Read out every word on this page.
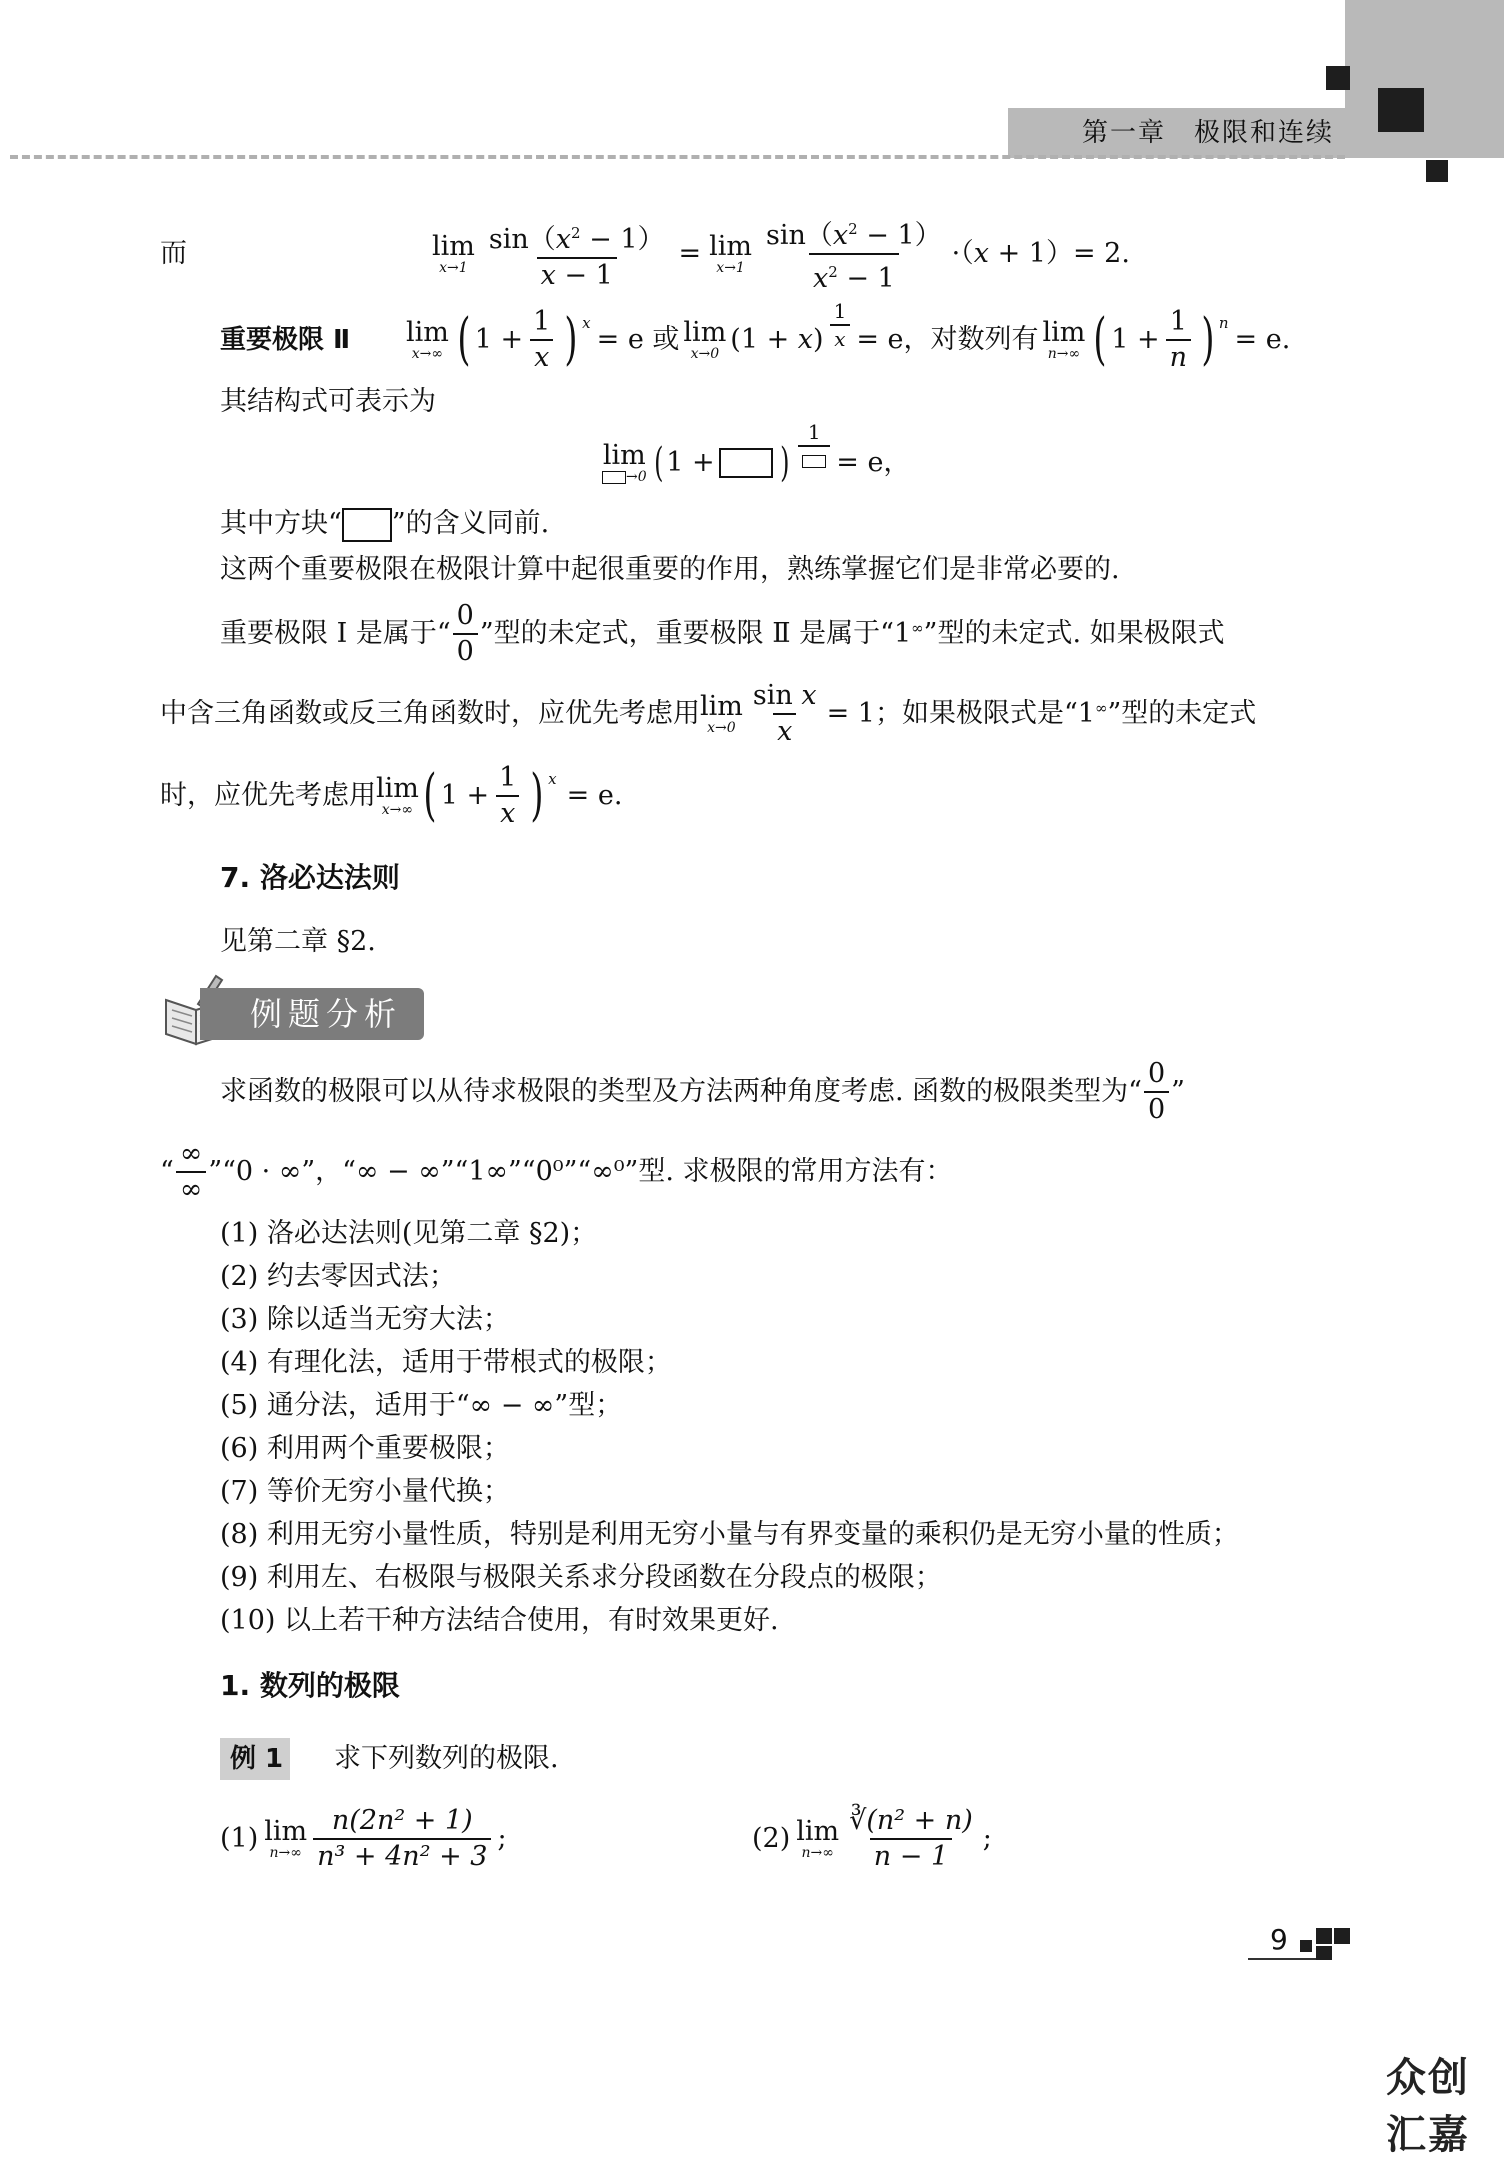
第一章　极限和连续
而	lim
$x\to 1 \frac{\sin(x^2 - 1)}{x - 1} = \lim$
$x\to 1 \frac{\sin(x^2 - 1)}{x^2 - 1} \cdot(x + 1)= 2$.
重要极限 Ⅱ lim
x→∞ ( $1 + \frac{1}{x}$ ) $^x$
= e 或 lim
x→0 $(1 + x) \frac{1}{x} = e$，对数列有 lim
n→∞ ( $1 + \frac{1}{n}$ ) $^n$
= e.
其结构式可表示为
lim
→0 ( 1 + )
1
= e，
其中方块“ ”的含义同前.
这两个重要极限在极限计算中起很重要的作用，熟练掌握它们是非常必要的.
重要极限 Ⅰ 是属于“ $\frac{0}{0}$ ”型的未定式，重要极限 Ⅱ 是属于“1∞ ”型的未定式. 如果极限式
中含三角函数或反三角函数时，应优先考虑用 lim
$x\to 0 \frac{\text{sin x}}{x} = 1$；如果极限式是“1∞ ”型的未定式
时，应优先考虑用 lim
x→∞ ( $1 + \frac{1}{x}$ ) $^x$
= e.
7. 洛必达法则
见第二章 §2.
例题分析
求函数的极限可以从待求极限的类型及方法两种角度考虑. 函数的极限类型为“ $\frac{0}{0}$ ”
“ $\frac{\infty}{\infty}$ ”“0 · ∞”，“∞ − ∞”“1∞”“0⁰”“∞⁰”型. 求极限的常用方法有：
(1) 洛必达法则(见第二章 §2)；
(2) 约去零因式法；
(3) 除以适当无穷大法；
(4) 有理化法，适用于带根式的极限；
(5) 通分法，适用于“∞ − ∞”型；
(6) 利用两个重要极限；
(7) 等价无穷小量代换；
(8) 利用无穷小量性质，特别是利用无穷小量与有界变量的乘积仍是无穷小量的性质；
(9) 利用左、右极限与极限关系求分段函数在分段点的极限；
(10) 以上若干种方法结合使用，有时效果更好.
1. 数列的极限
例 1 求下列数列的极限.
(1) lim
$n\to\infty \frac{\text{n(2n² + 1)}}{\text{n³ + 4n² + 3}}$ ;	(2) lim
$n\to\infty \frac{\text{∛(n² + n)}}{n - 1}$ ;
9
众创汇嘉
